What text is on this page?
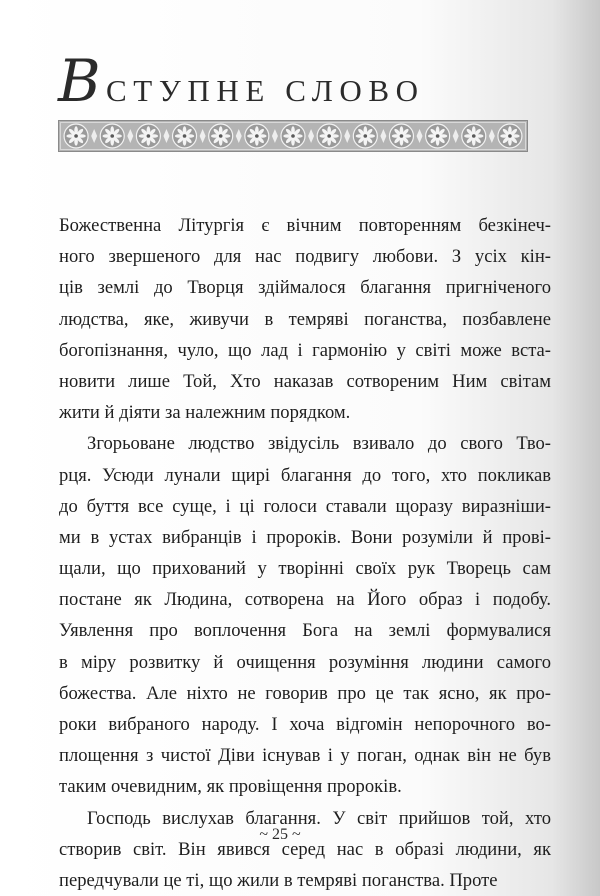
В СТУПНЕ СЛОВО
Божественна Літургія є вічним повторенням безкінеч-
ного звершеного для нас подвигу любови. З усіх кін-
ців землі до Творця здіймалося благання пригніченого
людства, яке, живучи в темряві поганства, позбавлене
богопізнання, чуло, що лад і гармонію у світі може вста-
новити лише Той, Хто наказав сотвореним Ним світам
жити й діяти за належним порядком.
Згорьоване людство звідусіль взивало до свого Тво-
рця. Усюди лунали щирі благання до того, хто покликав
до буття все суще, і ці голоси ставали щоразу виразніши-
ми в устах вибранців і пророків. Вони розуміли й прові-
щали, що прихований у творінні своїх рук Творець сам
постане як Людина, сотворена на Його образ і подобу.
Уявлення про воплочення Бога на землі формувалися
в міру розвитку й очищення розуміння людини самого
божества. Але ніхто не говорив про це так ясно, як про-
роки вибраного народу. І хоча відгомін непорочного во-
площення з чистої Діви існував і у поган, однак він не був
таким очевидним, як провіщення пророків.
Господь вислухав благання. У світ прийшов той, хто
створив світ. Він явився серед нас в образі людини, як
передчували це ті, що жили в темряві поганства. Проте
~ 25 ~
